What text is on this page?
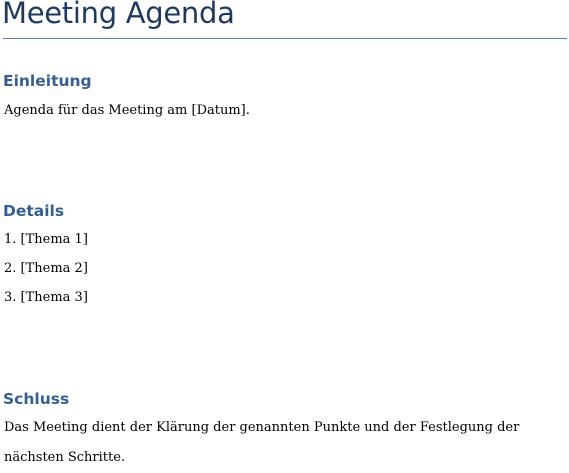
Meeting Agenda
Einleitung

Agenda für das Meeting am [Datum].

Details

1. [Thema 1]

2. [Thema 2]

3. [Thema 3]

Schluss

Das Meeting dient der Klärung der genannten Punkte und der Festlegung der nächsten Schritte.
